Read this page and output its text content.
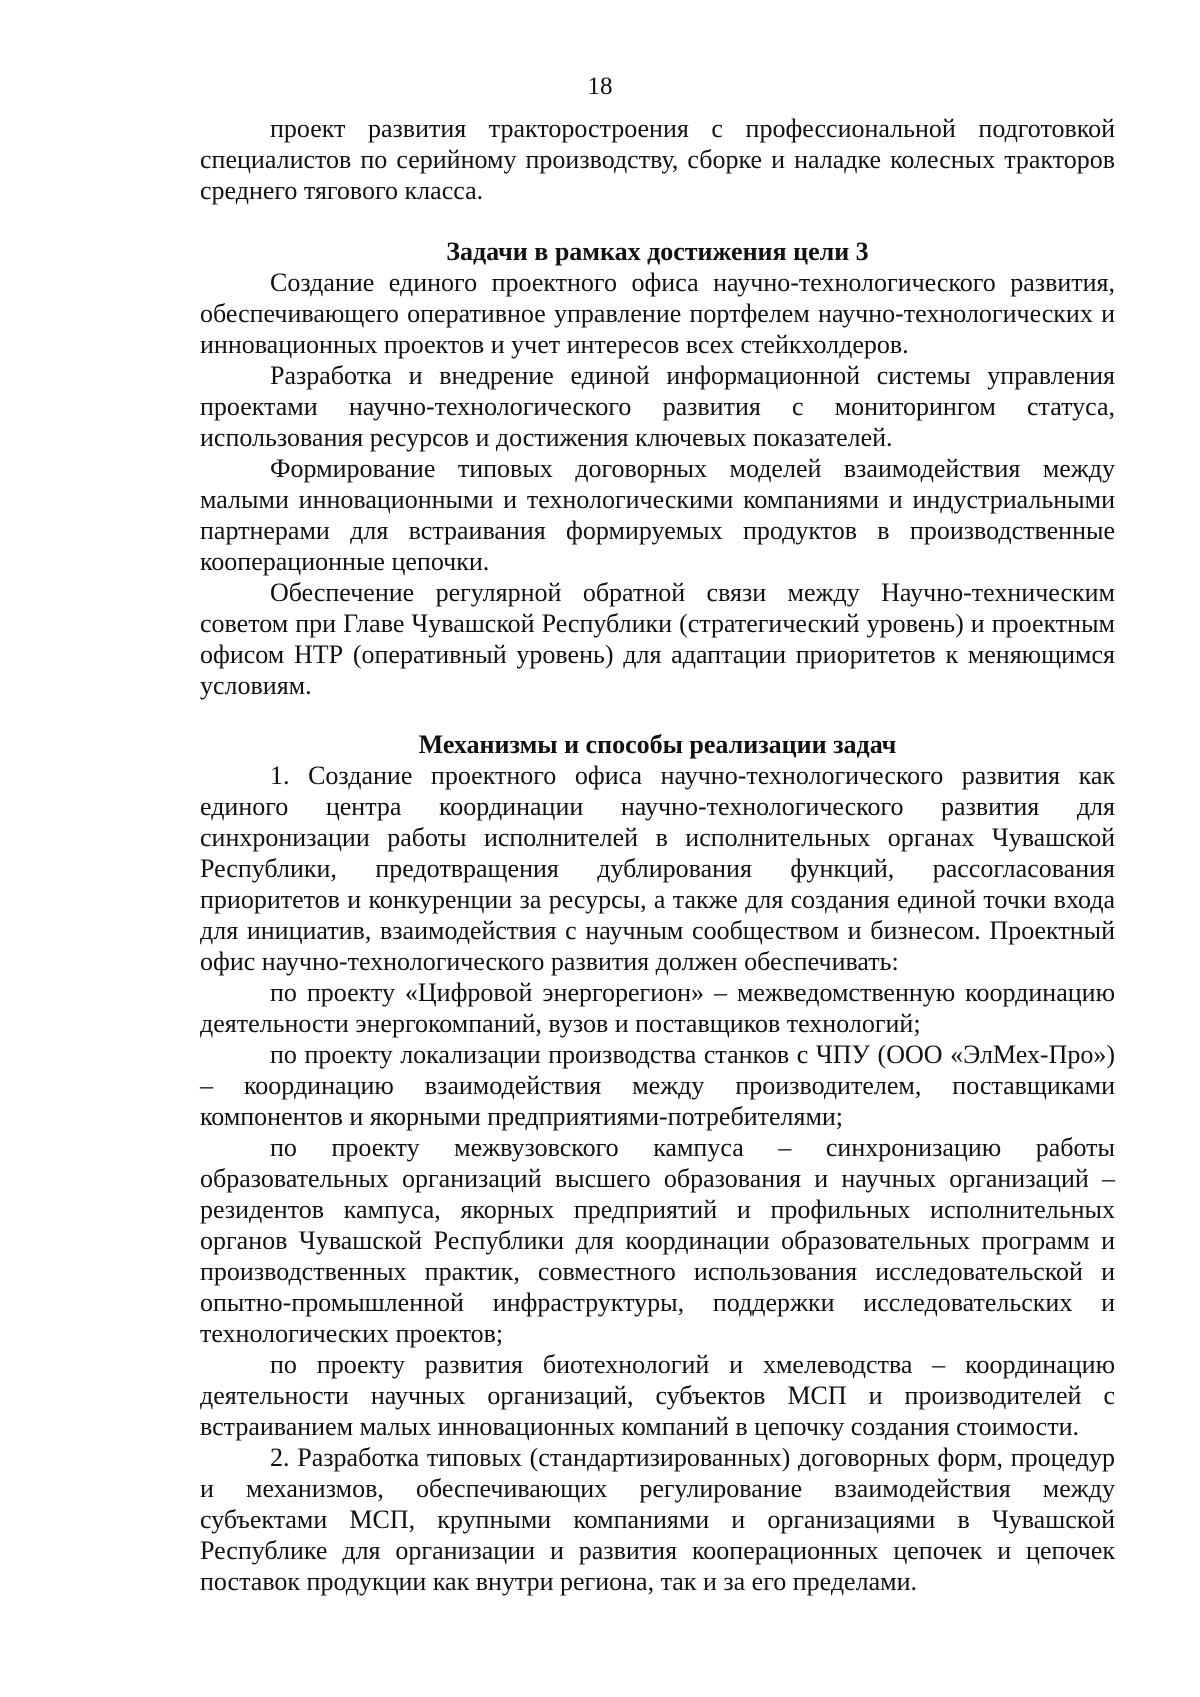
18

проект развития тракторостроения с профессиональной подготовкой специалистов по серийному производству, сборке и наладке колесных тракторов среднего тягового класса.

Задачи в рамках достижения цели 3

Создание единого проектного офиса научно-технологического развития, обеспечивающего оперативное управление портфелем научно-технологических и инновационных проектов и учет интересов всех стейкхолдеров.

Разработка и внедрение единой информационной системы управления проектами научно-технологического развития с мониторингом статуса, использования ресурсов и достижения ключевых показателей.

Формирование типовых договорных моделей взаимодействия между малыми инновационными и технологическими компаниями и индустриальными партнерами для встраивания формируемых продуктов в производственные кооперационные цепочки.

Обеспечение регулярной обратной связи между Научно-техническим советом при Главе Чувашской Республики (стратегический уровень) и проектным офисом НТР (оперативный уровень) для адаптации приоритетов к меняющимся условиям.

Механизмы и способы реализации задач

1. Создание проектного офиса научно-технологического развития как единого центра координации научно-технологического развития для синхронизации работы исполнителей в исполнительных органах Чувашской Республики, предотвращения дублирования функций, рассогласования приоритетов и конкуренции за ресурсы, а также для создания единой точки входа для инициатив, взаимодействия с научным сообществом и бизнесом. Проектный офис научно-технологического развития должен обеспечивать:

по проекту «Цифровой энергорегион» – межведомственную координацию деятельности энергокомпаний, вузов и поставщиков технологий;

по проекту локализации производства станков с ЧПУ (ООО «ЭлМех-Про») – координацию взаимодействия между производителем, поставщиками компонентов и якорными предприятиями-потребителями;

по проекту межвузовского кампуса – синхронизацию работы образовательных организаций высшего образования и научных организаций – резидентов кампуса, якорных предприятий и профильных исполнительных органов Чувашской Республики для координации образовательных программ и производственных практик, совместного использования исследовательской и опытно-промышленной инфраструктуры, поддержки исследовательских и технологических проектов;

по проекту развития биотехнологий и хмелеводства – координацию деятельности научных организаций, субъектов МСП и производителей с встраиванием малых инновационных компаний в цепочку создания стоимости.

2. Разработка типовых (стандартизированных) договорных форм, процедур и механизмов, обеспечивающих регулирование взаимодействия между субъектами МСП, крупными компаниями и организациями в Чувашской Республике для организации и развития кооперационных цепочек и цепочек поставок продукции как внутри региона, так и за его пределами.
